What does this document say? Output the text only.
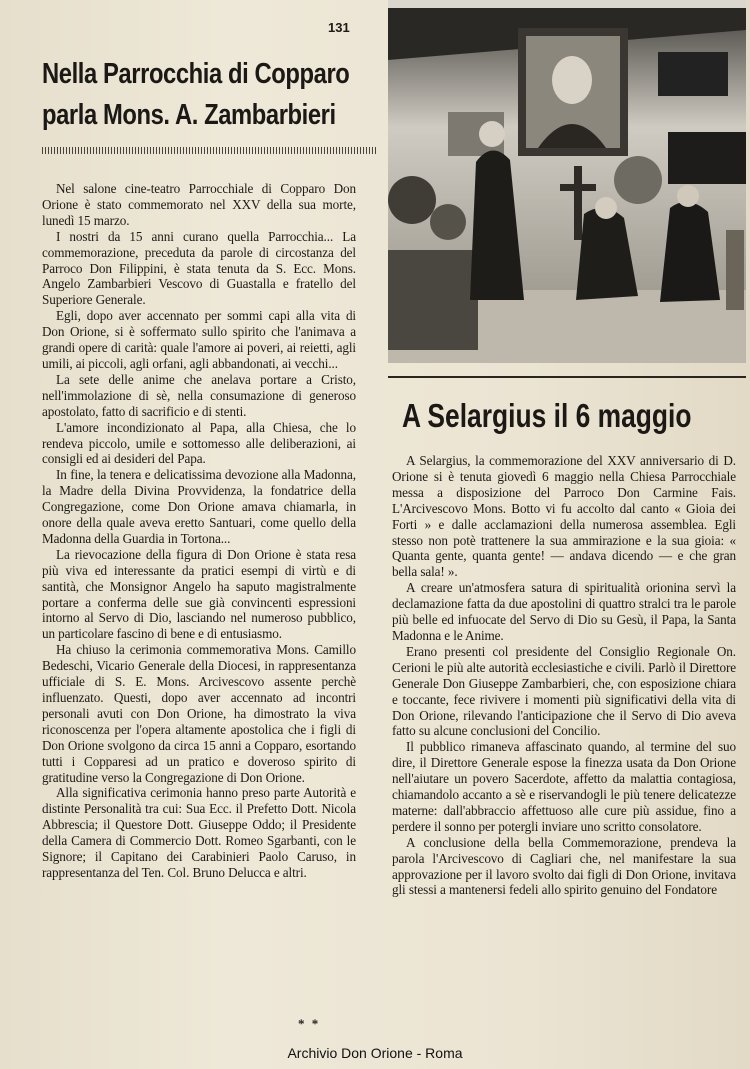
131

Nella Parrocchia di Copparo
parla Mons. A. Zambarbieri

Nel salone cine-teatro Parrocchiale di Copparo Don Orione è stato commemorato nel XXV della sua morte, lunedì 15 marzo.

I nostri da 15 anni curano quella Parrocchia... La commemorazione, preceduta da parole di circostanza del Parroco Don Filippini, è stata tenuta da S. Ecc. Mons. Angelo Zambarbieri Vescovo di Guastalla e fratello del Superiore Generale.

Egli, dopo aver accennato per sommi capi alla vita di Don Orione, si è soffermato sullo spirito che l'animava a grandi opere di carità: quale l'amore ai poveri, ai reietti, agli umili, ai piccoli, agli orfani, agli abbandonati, ai vecchi...

La sete delle anime che anelava portare a Cristo, nell'immolazione di sè, nella consumazione di generoso apostolato, fatto di sacrificio e di stenti.

L'amore incondizionato al Papa, alla Chiesa, che lo rendeva piccolo, umile e sottomesso alle deliberazioni, ai consigli ed ai desideri del Papa.

In fine, la tenera e delicatissima devozione alla Madonna, la Madre della Divina Provvidenza, la fondatrice della Congregazione, come Don Orione amava chiamarla, in onore della quale aveva eretto Santuari, come quello della Madonna della Guardia in Tortona...

La rievocazione della figura di Don Orione è stata resa più viva ed interessante da pratici esempi di virtù e di santità, che Monsignor Angelo ha saputo magistralmente portare a conferma delle sue già convincenti espressioni intorno al Servo di Dio, lasciando nel numeroso pubblico, un particolare fascino di bene e di entusiasmo.

Ha chiuso la cerimonia commemorativa Mons. Camillo Bedeschi, Vicario Generale della Diocesi, in rappresentanza ufficiale di S. E. Mons. Arcivescovo assente perchè influenzato. Questi, dopo aver accennato ad incontri personali avuti con Don Orione, ha dimostrato la viva riconoscenza per l'opera altamente apostolica che i figli di Don Orione svolgono da circa 15 anni a Copparo, esortando tutti i Copparesi ad un pratico e doveroso spirito di gratitudine verso la Congregazione di Don Orione.

Alla significativa cerimonia hanno preso parte Autorità e distinte Personalità tra cui: Sua Ecc. il Prefetto Dott. Nicola Abbrescia; il Questore Dott. Giuseppe Oddo; il Presidente della Camera di Commercio Dott. Romeo Sgarbanti, con le Signore; il Capitano dei Carabinieri Paolo Caruso, in rappresentanza del Ten. Col. Bruno Delucca e altri.

* *
A Selargius il 6 maggio

A Selargius, la commemorazione del XXV anniversario di D. Orione si è tenuta giovedì 6 maggio nella Chiesa Parrocchiale messa a disposizione del Parroco Don Carmine Fais. L'Arcivescovo Mons. Botto vi fu accolto dal canto « Gioia dei Forti » e dalle acclamazioni della numerosa assemblea. Egli stesso non potè trattenere la sua ammirazione e la sua gioia: « Quanta gente, quanta gente! — andava dicendo — e che gran bella sala! ».

A creare un'atmosfera satura di spiritualità orionina servì la declamazione fatta da due apostolini di quattro stralci tra le parole più belle ed infuocate del Servo di Dio su Gesù, il Papa, la Santa Madonna e le Anime.

Erano presenti col presidente del Consiglio Regionale On. Cerioni le più alte autorità ecclesiastiche e civili. Parlò il Direttore Generale Don Giuseppe Zambarbieri, che, con esposizione chiara e toccante, fece rivivere i momenti più significativi della vita di Don Orione, rilevando l'anticipazione che il Servo di Dio aveva fatto su alcune conclusioni del Concilio.

Il pubblico rimaneva affascinato quando, al termine del suo dire, il Direttore Generale espose la finezza usata da Don Orione nell'aiutare un povero Sacerdote, affetto da malattia contagiosa, chiamandolo accanto a sè e riservandogli le più tenere delicatezze materne: dall'abbraccio affettuoso alle cure più assidue, fino a perdere il sonno per potergli inviare uno scritto consolatore.

A conclusione della bella Commemorazione, prendeva la parola l'Arcivescovo di Cagliari che, nel manifestare la sua approvazione per il lavoro svolto dai figli di Don Orione, invitava gli stessi a mantenersi fedeli allo spirito genuino del Fondatore

Archivio Don Orione - Roma
